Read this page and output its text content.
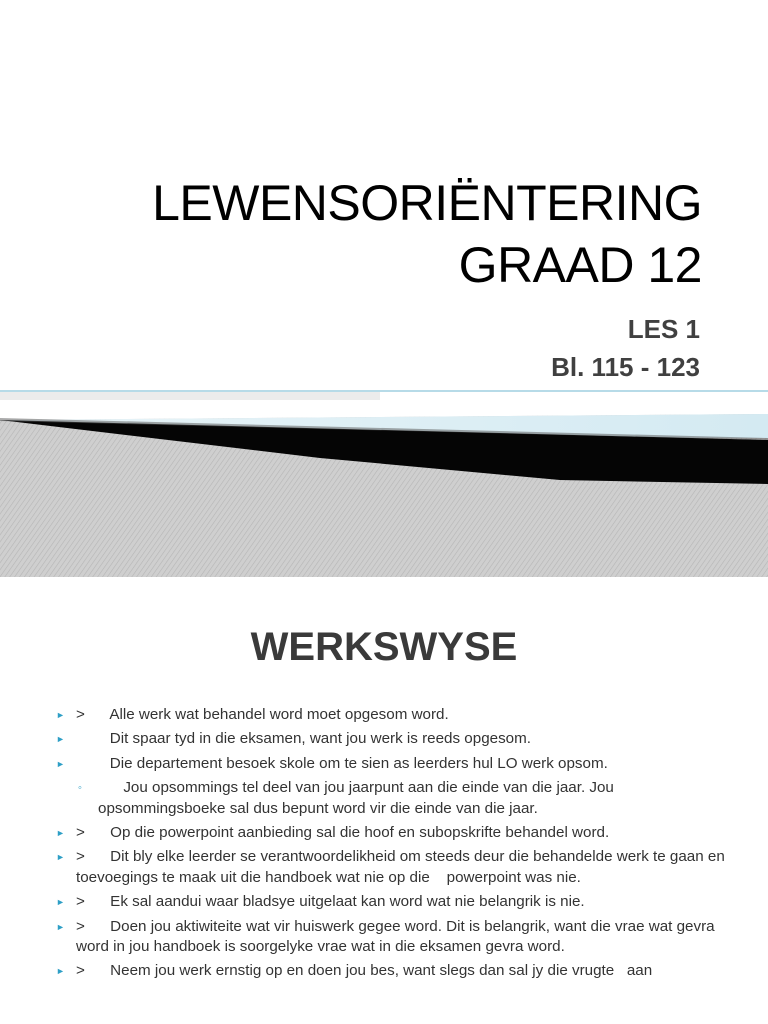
LEWENSORIËNTERING
GRAAD 12
LES 1
Bl. 115 - 123
WERKSWYSE
► >      Alle werk wat behandel word moet opgesom word.
► Dit spaar tyd in die eksamen, want jou werk is reeds opgesom.
► Die departement besoek skole om te sien as leerders hul LO werk opsom.
◦ Jou opsommings tel deel van jou jaarpunt aan die einde van die jaar. Jou opsommingsboeke sal dus bepunt word vir die einde van die jaar.
► >      Op die powerpoint aanbieding sal die hoof en subopskrifte behandel word.
► >      Dit bly elke leerder se verantwoordelikheid om steeds deur die behandelde werk te gaan en toevoegings te maak uit die handboek wat nie op die    powerpoint was nie.
► >      Ek sal aandui waar bladsye uitgelaat kan word wat nie belangrik is nie.
► >      Doen jou aktiwiteite wat vir huiswerk gegee word. Dit is belangrik, want die vrae wat gevra word in jou handboek is soorgelyke vrae wat in die eksamen gevra word.
► >      Neem jou werk ernstig op en doen jou bes, want slegs dan sal jy die vrugte   aan
